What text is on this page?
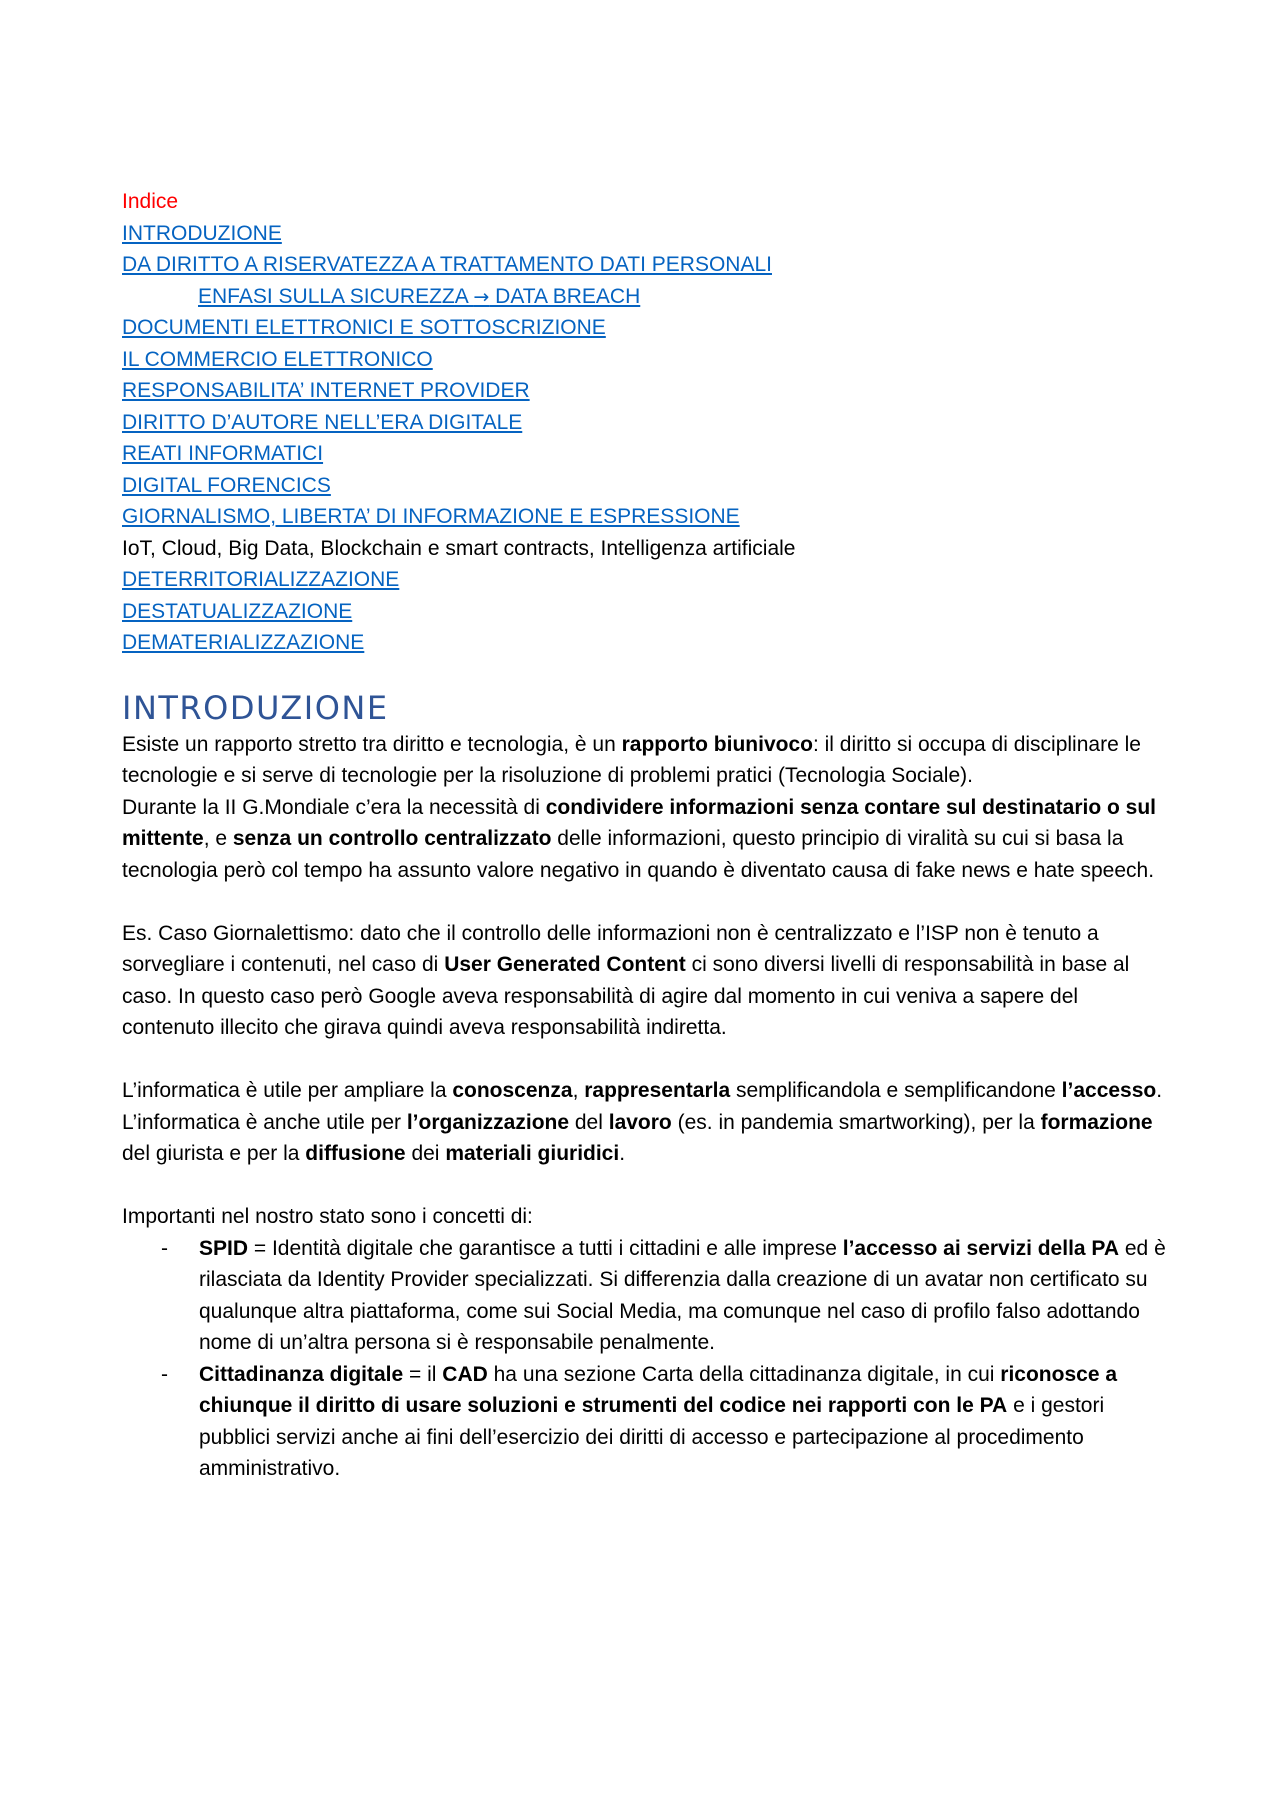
Indice
INTRODUZIONE
DA DIRITTO A RISERVATEZZA A TRATTAMENTO DATI PERSONALI
ENFASI SULLA SICUREZZA → DATA BREACH
DOCUMENTI ELETTRONICI E SOTTOSCRIZIONE
IL COMMERCIO ELETTRONICO
RESPONSABILITA’ INTERNET PROVIDER
DIRITTO D’AUTORE NELL’ERA DIGITALE
REATI INFORMATICI
DIGITAL FORENCICS
GIORNALISMO, LIBERTA’ DI INFORMAZIONE E ESPRESSIONE
IoT, Cloud, Big Data, Blockchain e smart contracts, Intelligenza artificiale
DETERRITORIALIZZAZIONE
DESTATUALIZZAZIONE
DEMATERIALIZZAZIONE
INTRODUZIONE

Esiste un rapporto stretto tra diritto e tecnologia, è un rapporto biunivoco: il diritto si occupa di disciplinare le tecnologie e si serve di tecnologie per la risoluzione di problemi pratici (Tecnologia Sociale).

Durante la II G.Mondiale c’era la necessità di condividere informazioni senza contare sul destinatario o sul mittente, e senza un controllo centralizzato delle informazioni, questo principio di viralità su cui si basa la tecnologia però col tempo ha assunto valore negativo in quando è diventato causa di fake news e hate speech.

Es. Caso Giornalettismo: dato che il controllo delle informazioni non è centralizzato e l’ISP non è tenuto a sorvegliare i contenuti, nel caso di User Generated Content ci sono diversi livelli di responsabilità in base al caso. In questo caso però Google aveva responsabilità di agire dal momento in cui veniva a sapere del contenuto illecito che girava quindi aveva responsabilità indiretta.

L’informatica è utile per ampliare la conoscenza, rappresentarla semplificandola e semplificandone l’accesso.

L’informatica è anche utile per l’organizzazione del lavoro (es. in pandemia smartworking), per la formazione del giurista e per la diffusione dei materiali giuridici.

Importanti nel nostro stato sono i concetti di:

- SPID = Identità digitale che garantisce a tutti i cittadini e alle imprese l’accesso ai servizi della PA ed è rilasciata da Identity Provider specializzati. Si differenzia dalla creazione di un avatar non certificato su qualunque altra piattaforma, come sui Social Media, ma comunque nel caso di profilo falso adottando nome di un’altra persona si è responsabile penalmente.
- Cittadinanza digitale = il CAD ha una sezione Carta della cittadinanza digitale, in cui riconosce a chiunque il diritto di usare soluzioni e strumenti del codice nei rapporti con le PA e i gestori pubblici servizi anche ai fini dell’esercizio dei diritti di accesso e partecipazione al procedimento amministrativo.
